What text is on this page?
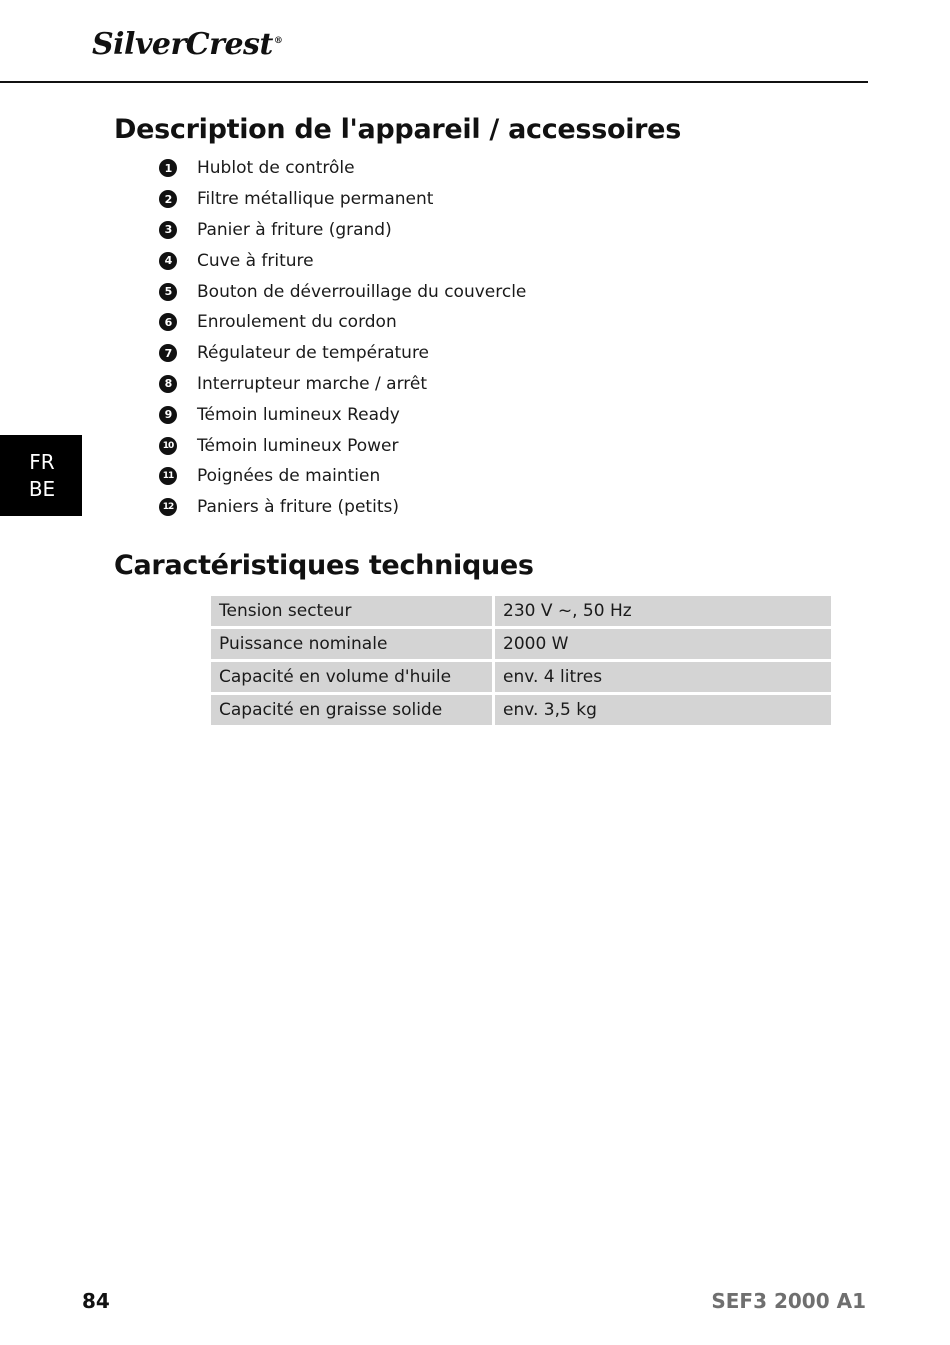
SilverCrest®
FR
BE
Description de l'appareil / accessoires
1	Hublot de contrôle
2	Filtre métallique permanent
3	Panier à friture (grand)
4	Cuve à friture
5	Bouton de déverrouillage du couvercle
6	Enroulement du cordon
7	Régulateur de température
8	Interrupteur marche / arrêt
9	Témoin lumineux Ready
10 Témoin lumineux Power
11 Poignées de maintien
12 Paniers à friture (petits)
Caractéristiques techniques
Tension secteur	230 V ~, 50 Hz
Puissance nominale	2000 W
Capacité en volume d'huile	env. 4 litres
Capacité en graisse solide	env. 3,5 kg
84	SEF3 2000 A1
